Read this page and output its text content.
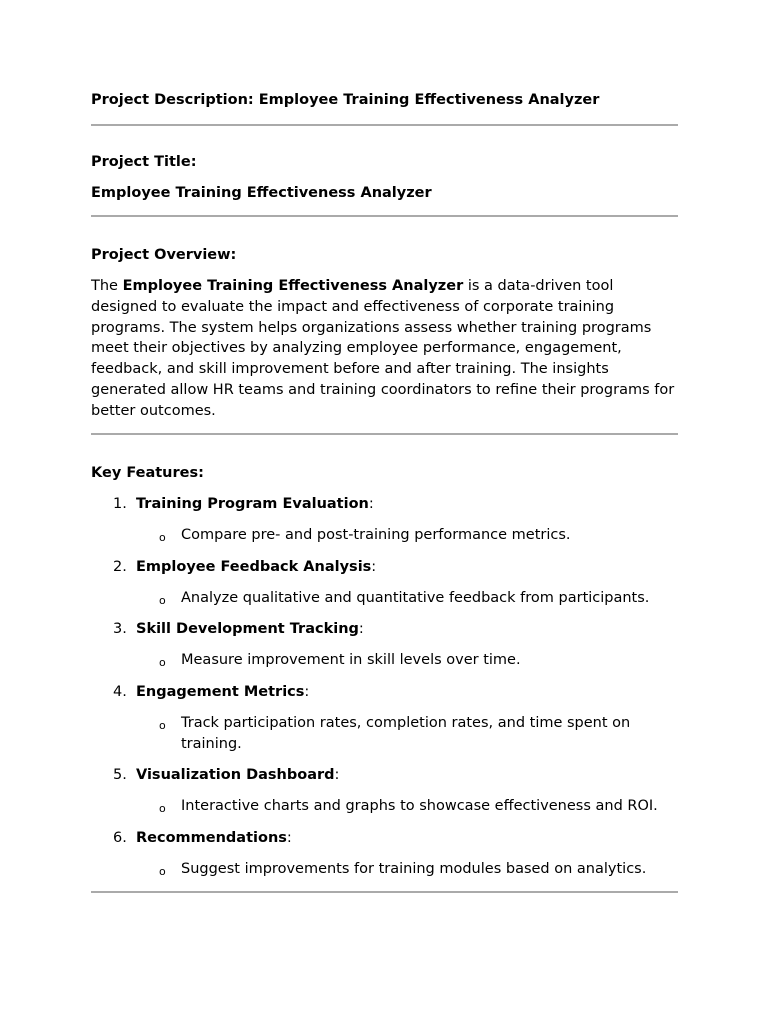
Project Description: Employee Training Effectiveness Analyzer

Project Title:

Employee Training Effectiveness Analyzer

Project Overview:

The Employee Training Effectiveness Analyzer is a data-driven tool designed to evaluate the impact and effectiveness of corporate training programs. The system helps organizations assess whether training programs meet their objectives by analyzing employee performance, engagement, feedback, and skill improvement before and after training. The insights generated allow HR teams and training coordinators to refine their programs for better outcomes.

Key Features:

1. Training Program Evaluation:
o Compare pre- and post-training performance metrics.
2. Employee Feedback Analysis:
o Analyze qualitative and quantitative feedback from participants.
3. Skill Development Tracking:
o Measure improvement in skill levels over time.
4. Engagement Metrics:
o Track participation rates, completion rates, and time spent on training.
5. Visualization Dashboard:
o Interactive charts and graphs to showcase effectiveness and ROI.
6. Recommendations:
o Suggest improvements for training modules based on analytics.
